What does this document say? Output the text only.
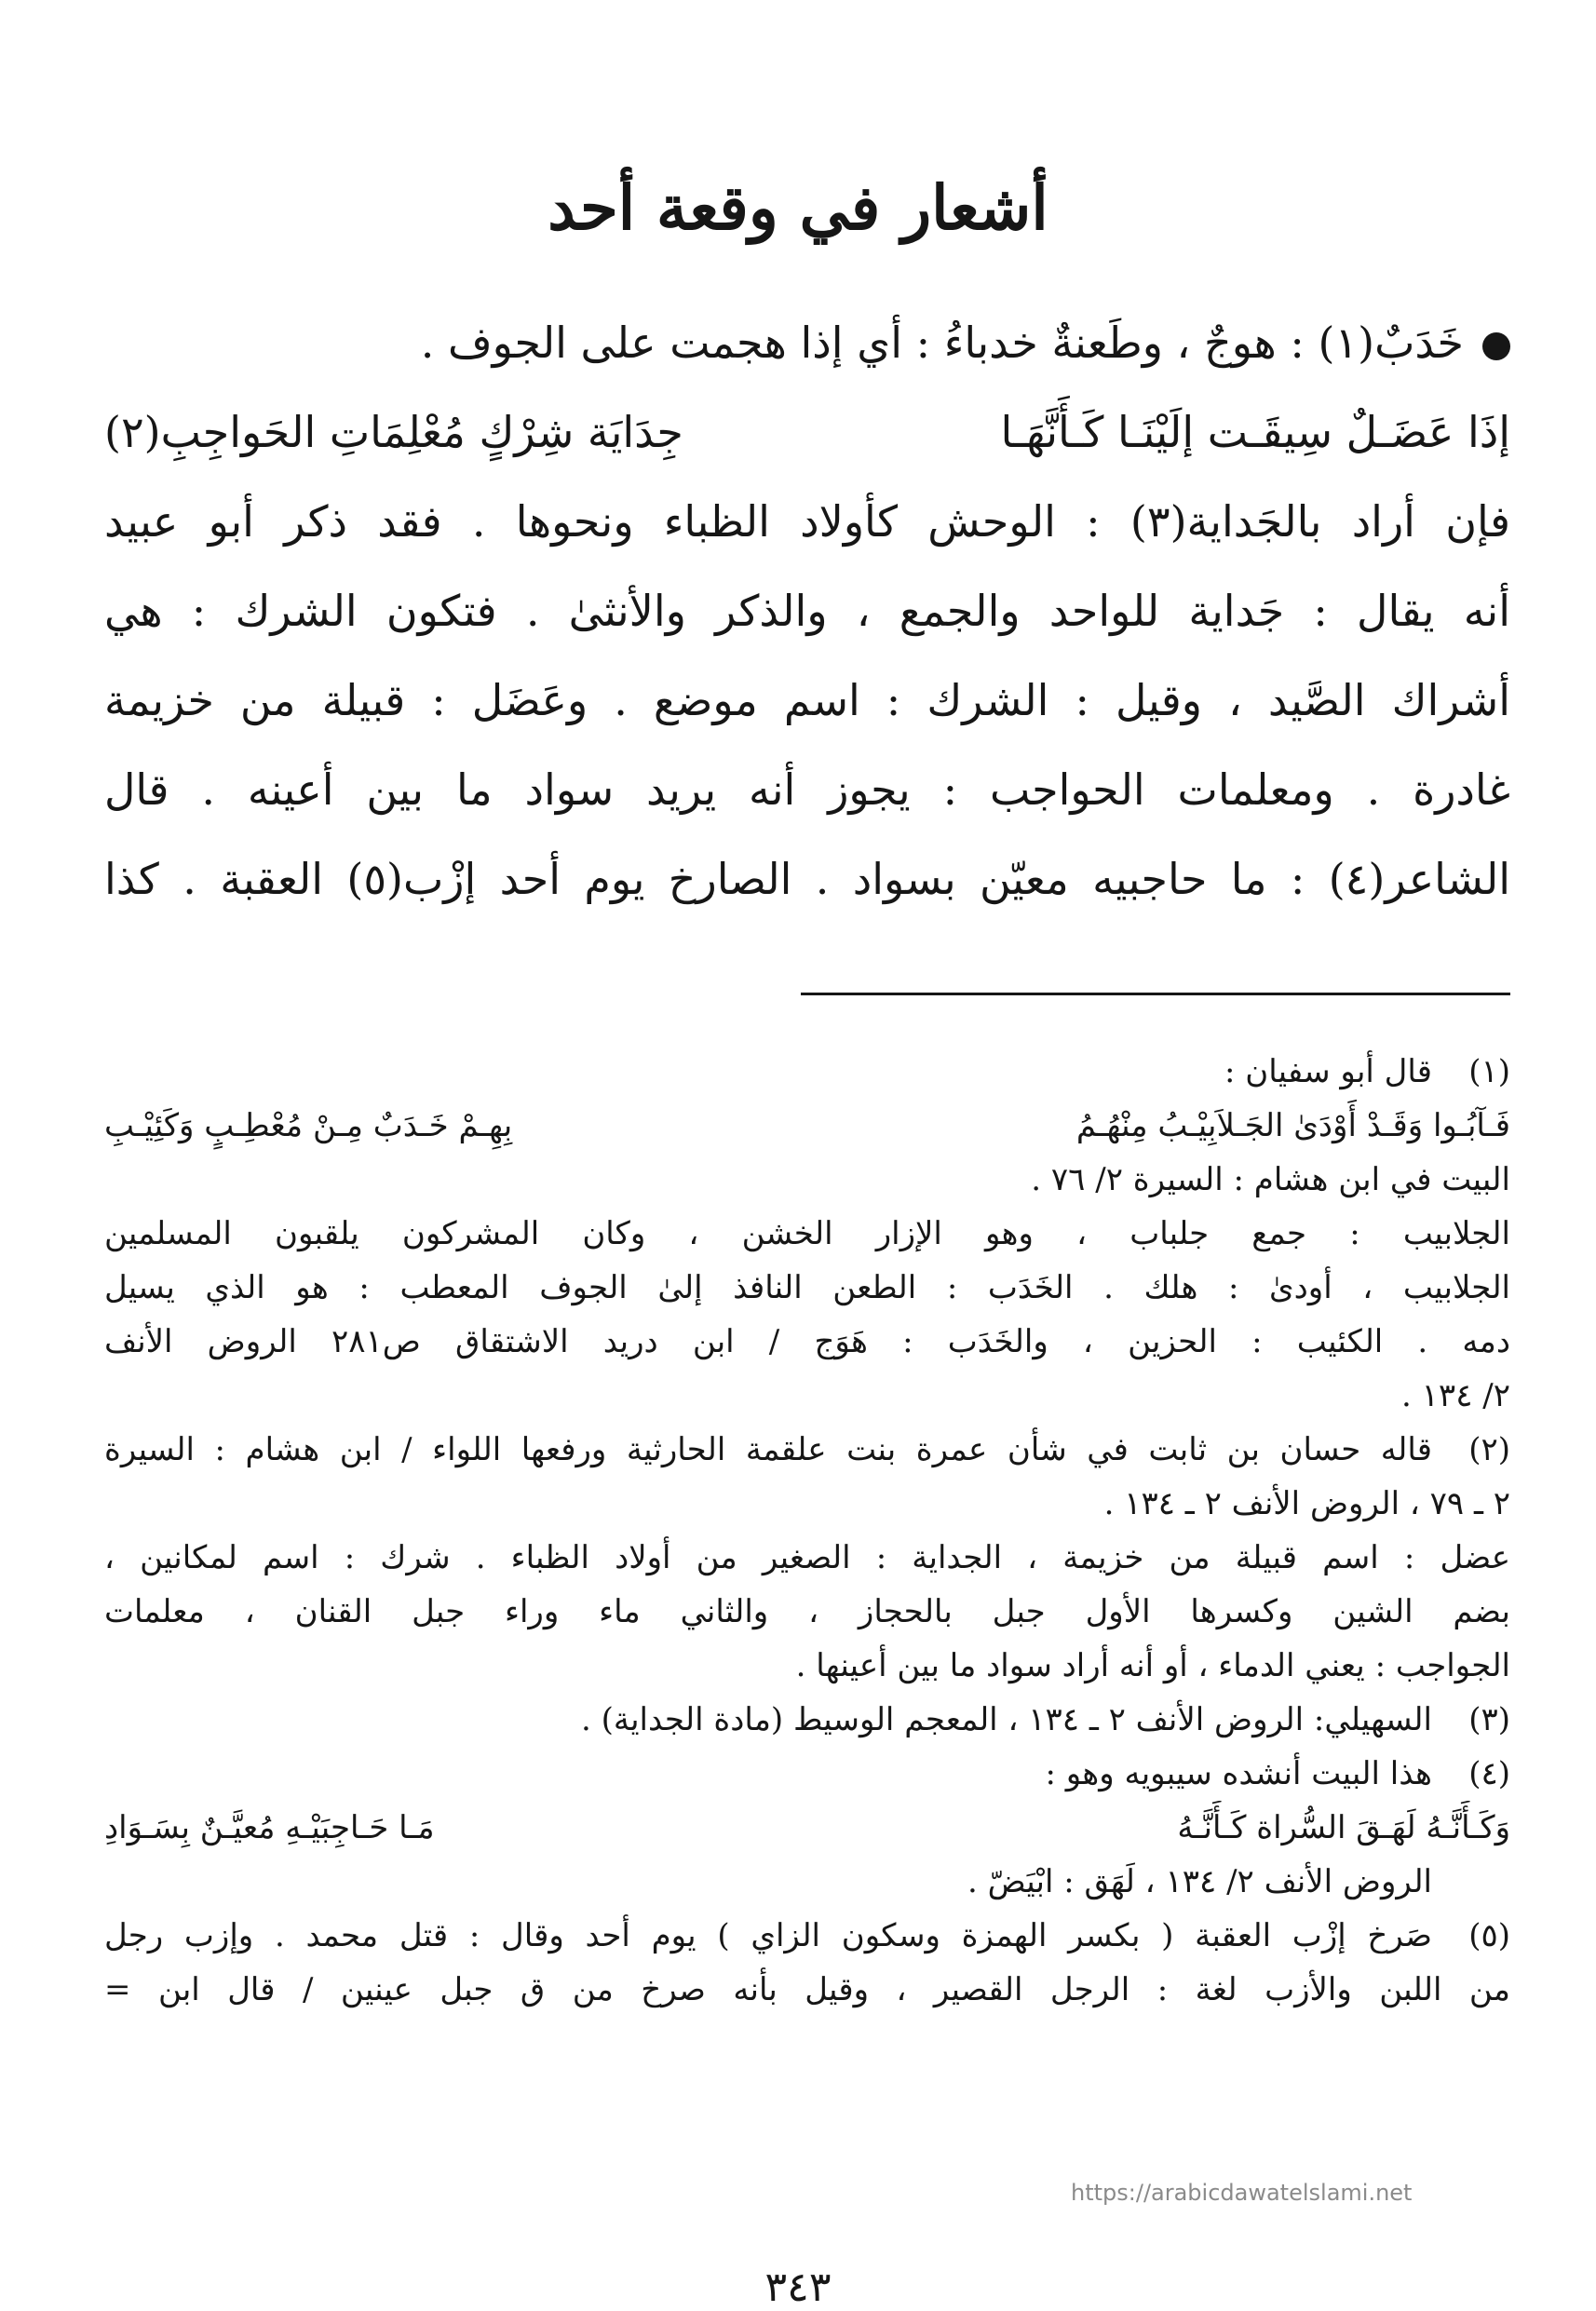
أشعار في وقعة أحد
خَدَبٌ(١) : هوجٌ ، وطَعنةٌ خدباءُ : أي إذا هجمت على الجوف .
إذَا عَضَـلٌ سِيقَـت إلَيْنَـا كَـأَنَّهَـا
جِدَايَة شِرْكٍ مُعْلِمَاتِ الحَواجِبِ(٢)
فإن أراد بالجَداية(٣) : الوحش كأولاد الظباء ونحوها . فقد ذكر أبو عبيد
أنه يقال : جَداية للواحد والجمع ، والذكر والأنثىٰ . فتكون الشرك : هي
أشراك الصَّيد ، وقيل : الشرك : اسم موضع . وعَضَل : قبيلة من خزيمة
غادرة . ومعلمات الحواجب : يجوز أنه يريد سواد ما بين أعينه . قال
الشاعر(٤) : ما حاجبيه معيّن بسواد . الصارخ يوم أحد إزْب(٥) العقبة . كذا
(١)
قال أبو سفيان :
فَـآبُـوا وَقَـدْ أَوْدَىٰ الجَـلاَبِيْـبُ مِنْهُـمُ
بِهِـمْ خَـدَبٌ مِـنْ مُعْطِـبٍ وَكَئِيْـبِ
البيت في ابن هشام : السيرة ٢/ ٧٦ .
الجلابيب : جمع جلباب ، وهو الإزار الخشن ، وكان المشركون يلقبون المسلمين
الجلابيب ، أودىٰ : هلك . الخَدَب : الطعن النافذ إلىٰ الجوف المعطب : هو الذي يسيل
دمه . الكئيب : الحزين ، والخَدَب : هَوَج / ابن دريد الاشتقاق ص٢٨١ الروض الأنف
٢/ ١٣٤ .
(٢)
قاله حسان بن ثابت في شأن عمرة بنت علقمة الحارثية ورفعها اللواء / ابن هشام : السيرة
٢ ـ ٧٩ ، الروض الأنف ٢ ـ ١٣٤ .
عضل : اسم قبيلة من خزيمة ، الجداية : الصغير من أولاد الظباء . شرك : اسم لمكانين ،
بضم الشين وكسرها الأول جبل بالحجاز ، والثاني ماء وراء جبل القنان ، معلمات
الجواجب : يعني الدماء ، أو أنه أراد سواد ما بين أعينها .
(٣)
السهيلي: الروض الأنف ٢ ـ ١٣٤ ، المعجم الوسيط (مادة الجداية) .
(٤)
هذا البيت أنشده سيبويه وهو :
وَكَـأَنَّـهُ لَهَـقَ السُّراة كَـأَنَّـهُ
مَـا حَـاجِبَيْـهِ مُعيَّـنٌ بِسَـوَادِ
الروض الأنف ٢/ ١٣٤ ، لَهَق : ابْيَضّ .
(٥)
صَرخ إزْب العقبة ( بكسر الهمزة وسكون الزاي ) يوم أحد وقال : قتل محمد . وإزب رجل
من اللبن والأزب لغة : الرجل القصير ، وقيل بأنه صرخ من ق جبل عينين / قال ابن =
https://arabicdawatelslami.net
٣٤٣
